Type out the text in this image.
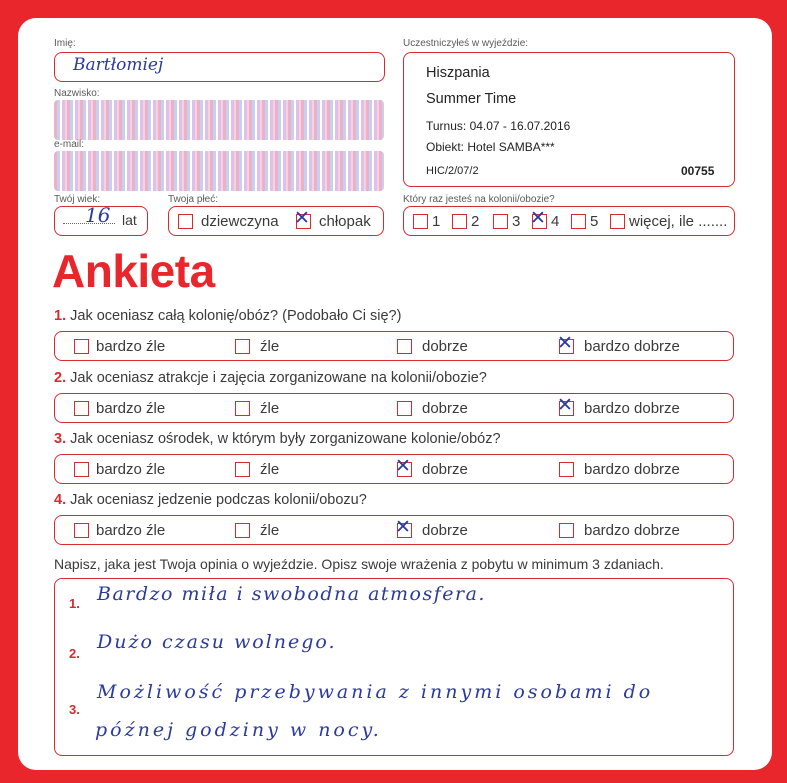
Imię:
Bartłomiej
Nazwisko:
e-mail:
Twój wiek:
16 lat
Twoja płeć:
dziewczyna ✕ chłopak
Uczestniczyłeś w wyjeździe:
Hiszpania
Summer Time
Turnus: 04.07 - 16.07.2016
Obiekt: Hotel SAMBA***
HIC/2/07/2	00755
Który raz jesteś na kolonii/obozie?
1 2 3 ✕ 4 5 więcej, ile .......
Ankieta
1. Jak oceniasz całą kolonię/obóz? (Podobało Ci się?)
bardzo źle	źle	dobrze	✕ bardzo dobrze
2. Jak oceniasz atrakcje i zajęcia zorganizowane na kolonii/obozie?
bardzo źle	źle	dobrze	✕ bardzo dobrze
3. Jak oceniasz ośrodek, w którym były zorganizowane kolonie/obóz?
bardzo źle	źle	✕ dobrze	bardzo dobrze
4. Jak oceniasz jedzenie podczas kolonii/obozu?
bardzo źle	źle	✕ dobrze	bardzo dobrze
Napisz, jaka jest Twoja opinia o wyjeździe. Opisz swoje wrażenia z pobytu w minimum 3 zdaniach.
1. Bardzo miła i swobodna atmosfera.
2.
Dużo czasu wolnego.
3.
Możliwość przebywania z innymi osobami do
późnej godziny w nocy.
